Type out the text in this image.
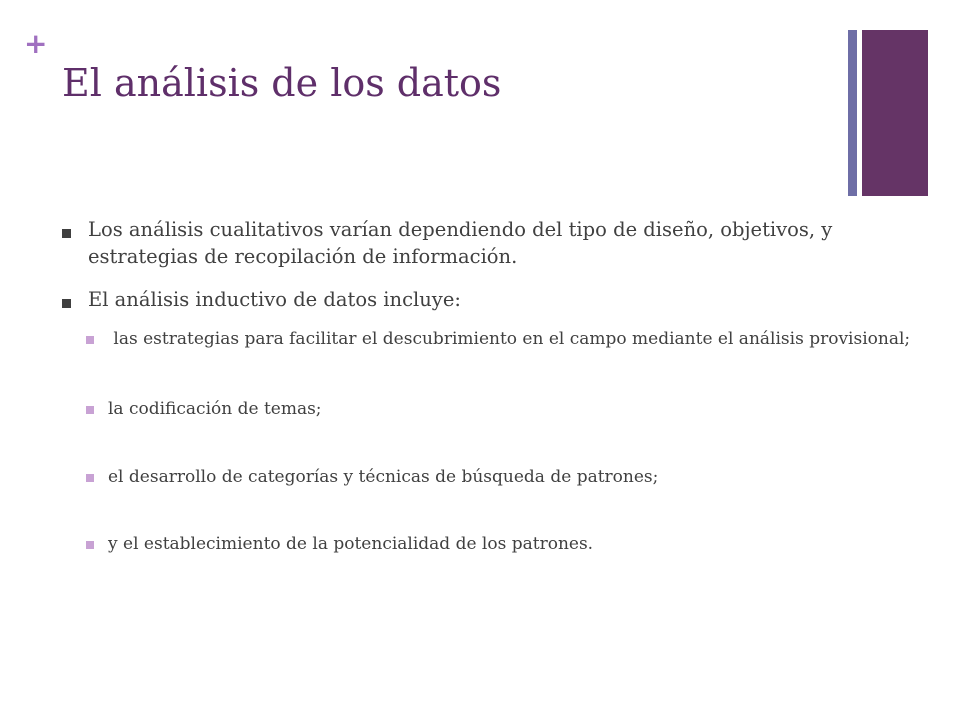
+
El análisis de los datos
Los análisis cualitativos varían dependiendo del tipo de diseño, objetivos, y estrategias de recopilación de información.
El análisis inductivo de datos incluye:
las estrategias para facilitar el descubrimiento en el campo mediante el análisis provisional;
la codificación de temas;
el desarrollo de categorías y técnicas de búsqueda de patrones;
y el establecimiento de la potencialidad de los patrones.
